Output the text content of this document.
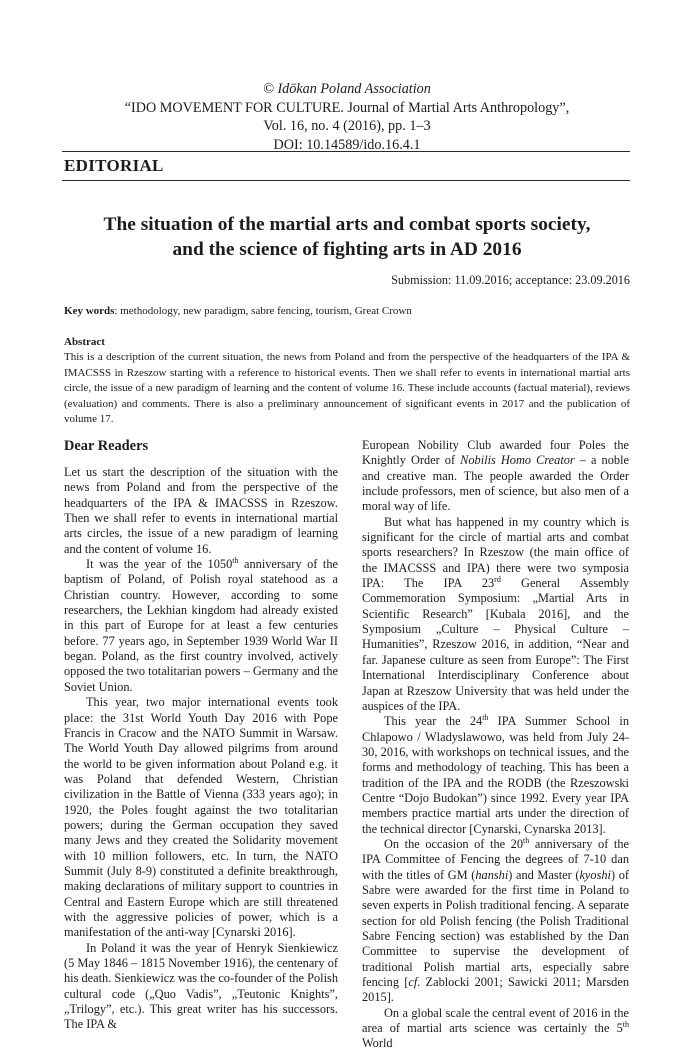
© Idōkan Poland Association
“IDO MOVEMENT FOR CULTURE. Journal of Martial Arts Anthropology”,
Vol. 16, no. 4 (2016), pp. 1–3
DOI: 10.14589/ido.16.4.1
EDITORIAL
The situation of the martial arts and combat sports society,
and the science of fighting arts in AD 2016
Submission: 11.09.2016; acceptance: 23.09.2016
Key words: methodology, new paradigm, sabre fencing, tourism, Great Crown
Abstract
This is a description of the current situation, the news from Poland and from the perspective of the headquarters of the IPA & IMACSSS in Rzeszow starting with a reference to historical events. Then we shall refer to events in international martial arts circle, the issue of a new paradigm of learning and the content of volume 16. These include accounts (factual material), reviews (evaluation) and comments. There is also a preliminary announcement of significant events in 2017 and the publication of volume 17.
Dear Readers

Let us start the description of the situation with the news from Poland and from the perspective of the headquarters of the IPA & IMACSSS in Rzeszow. Then we shall refer to events in international martial arts circles, the issue of a new paradigm of learning and the content of volume 16.

It was the year of the 1050th anniversary of the baptism of Poland, of Polish royal statehood as a Christian country. However, according to some researchers, the Lekhian kingdom had already existed in this part of Europe for at least a few centuries before. 77 years ago, in September 1939 World War II began. Poland, as the first country involved, actively opposed the two totalitarian powers – Germany and the Soviet Union.

This year, two major international events took place: the 31st World Youth Day 2016 with Pope Francis in Cracow and the NATO Summit in Warsaw. The World Youth Day allowed pilgrims from around the world to be given information about Poland e.g. it was Poland that defended Western, Christian civilization in the Battle of Vienna (333 years ago); in 1920, the Poles fought against the two totalitarian powers; during the German occupation they saved many Jews and they created the Solidarity movement with 10 million followers, etc. In turn, the NATO Summit (July 8-9) constituted a definite breakthrough, making declarations of military support to countries in Central and Eastern Europe which are still threatened with the aggressive policies of power, which is a manifestation of the anti-way [Cynarski 2016].

In Poland it was the year of Henryk Sienkiewicz (5 May 1846 – 1815 November 1916), the centenary of his death. Sienkiewicz was the co-founder of the Polish cultural code („Quo Vadis”, „Teutonic Knights”, „Trilogy”, etc.). This great writer has his successors. The IPA &

European Nobility Club awarded four Poles the Knightly Order of Nobilis Homo Creator – a noble and creative man. The people awarded the Order include professors, men of science, but also men of a moral way of life.

But what has happened in my country which is significant for the circle of martial arts and combat sports researchers? In Rzeszow (the main office of the IMACSSS and IPA) there were two symposia IPA: The IPA 23rd General Assembly Commemoration Symposium: „Martial Arts in Scientific Research” [Kubala 2016], and the Symposium „Culture – Physical Culture – Humanities”, Rzeszow 2016, in addition, “Near and far. Japanese culture as seen from Europe”: The First International Interdisciplinary Conference about Japan at Rzeszow University that was held under the auspices of the IPA.

This year the 24th IPA Summer School in Chlapowo / Wladyslawowo, was held from July 24-30, 2016, with workshops on technical issues, and the forms and methodology of teaching. This has been a tradition of the IPA and the RODB (the Rzeszowski Centre “Dojo Budokan”) since 1992. Every year IPA members practice martial arts under the direction of the technical director [Cynarski, Cynarska 2013].

On the occasion of the 20th anniversary of the IPA Committee of Fencing the degrees of 7-10 dan with the titles of GM (hanshi) and Master (kyoshi) of Sabre were awarded for the first time in Poland to seven experts in Polish traditional fencing. A separate section for old Polish fencing (the Polish Traditional Sabre Fencing section) was established by the Dan Committee to supervise the development of traditional Polish martial arts, especially sabre fencing [cf. Zablocki 2001; Sawicki 2011; Marsden 2015].

On a global scale the central event of 2016 in the area of martial arts science was certainly the 5th World
